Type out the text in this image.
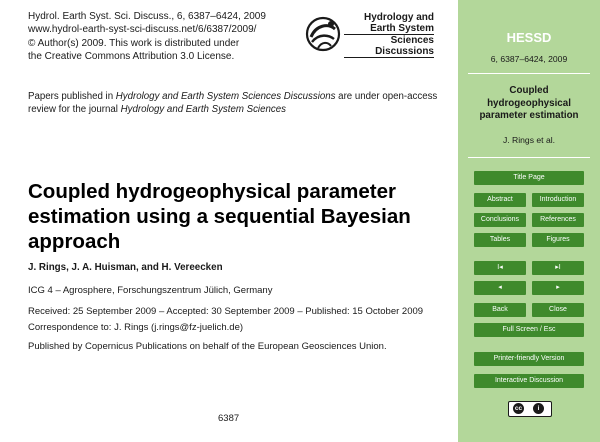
Hydrol. Earth Syst. Sci. Discuss., 6, 6387–6424, 2009
www.hydrol-earth-syst-sci-discuss.net/6/6387/2009/
© Author(s) 2009. This work is distributed under
the Creative Commons Attribution 3.0 License.
Hydrology and
Earth System
Sciences
Discussions
Papers published in Hydrology and Earth System Sciences Discussions are under open-access review for the journal Hydrology and Earth System Sciences
Coupled hydrogeophysical parameter estimation using a sequential Bayesian approach
J. Rings, J. A. Huisman, and H. Vereecken
ICG 4 – Agrosphere, Forschungszentrum Jülich, Germany
Received: 25 September 2009 – Accepted: 30 September 2009 – Published: 15 October 2009
Correspondence to: J. Rings (j.rings@fz-juelich.de)
Published by Copernicus Publications on behalf of the European Geosciences Union.
6387
HESSD
6, 6387–6424, 2009
Coupled
hydrogeophysical
parameter estimation
J. Rings et al.
Title Page
Abstract	Introduction
Conclusions	References
Tables	Figures
I◂	▸I
◂	▸
Back	Close
Full Screen / Esc
Printer-friendly Version
Interactive Discussion
cc	i
